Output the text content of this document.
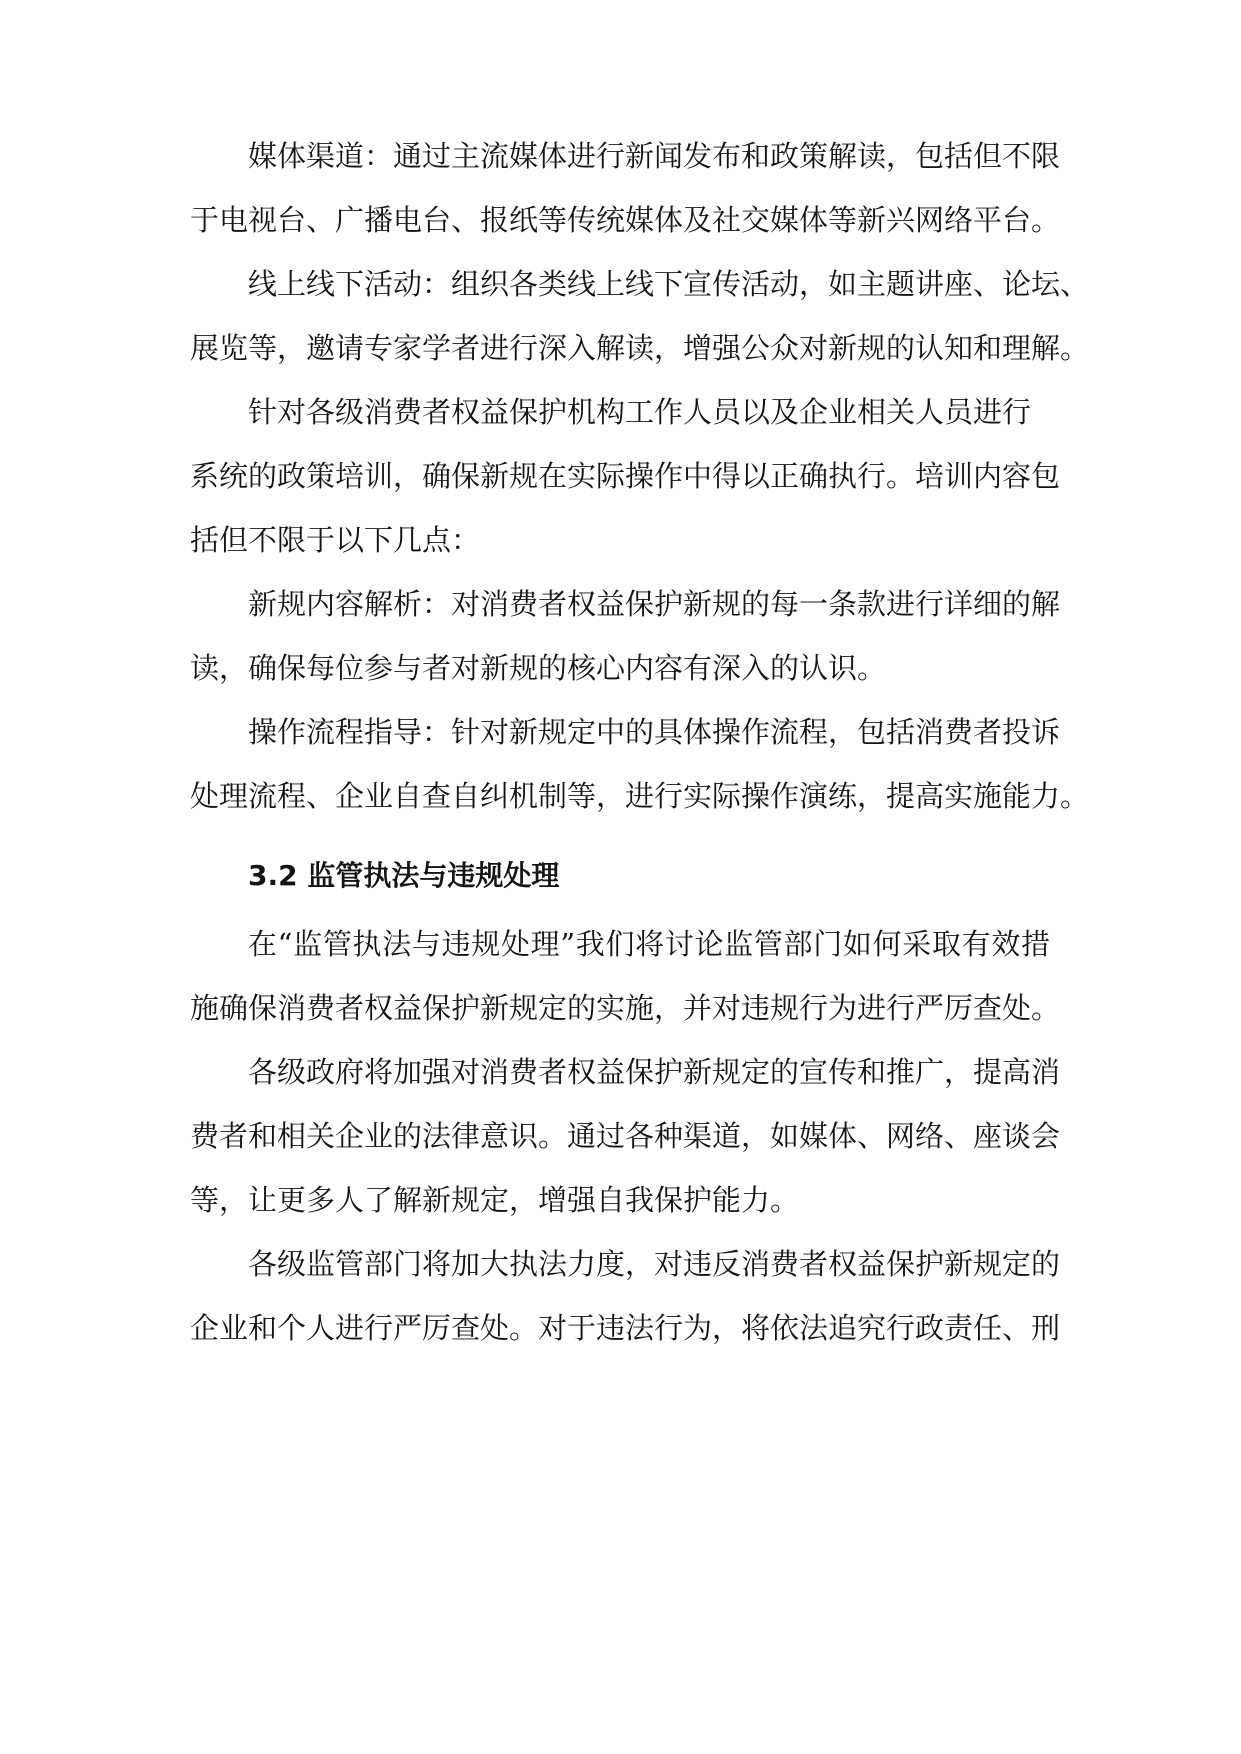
媒体渠道：通过主流媒体进行新闻发布和政策解读，包括但不限

于电视台、广播电台、报纸等传统媒体及社交媒体等新兴网络平台。

线上线下活动：组织各类线上线下宣传活动，如主题讲座、论坛、

展览等，邀请专家学者进行深入解读，增强公众对新规的认知和理解。

针对各级消费者权益保护机构工作人员以及企业相关人员进行

系统的政策培训，确保新规在实际操作中得以正确执行。培训内容包

括但不限于以下几点：

新规内容解析：对消费者权益保护新规的每一条款进行详细的解

读，确保每位参与者对新规的核心内容有深入的认识。

操作流程指导：针对新规定中的具体操作流程，包括消费者投诉

处理流程、企业自查自纠机制等，进行实际操作演练，提高实施能力。

3.2 监管执法与违规处理

在“监管执法与违规处理”我们将讨论监管部门如何采取有效措

施确保消费者权益保护新规定的实施，并对违规行为进行严厉查处。

各级政府将加强对消费者权益保护新规定的宣传和推广，提高消

费者和相关企业的法律意识。通过各种渠道，如媒体、网络、座谈会

等，让更多人了解新规定，增强自我保护能力。

各级监管部门将加大执法力度，对违反消费者权益保护新规定的

企业和个人进行严厉查处。对于违法行为，将依法追究行政责任、刑
